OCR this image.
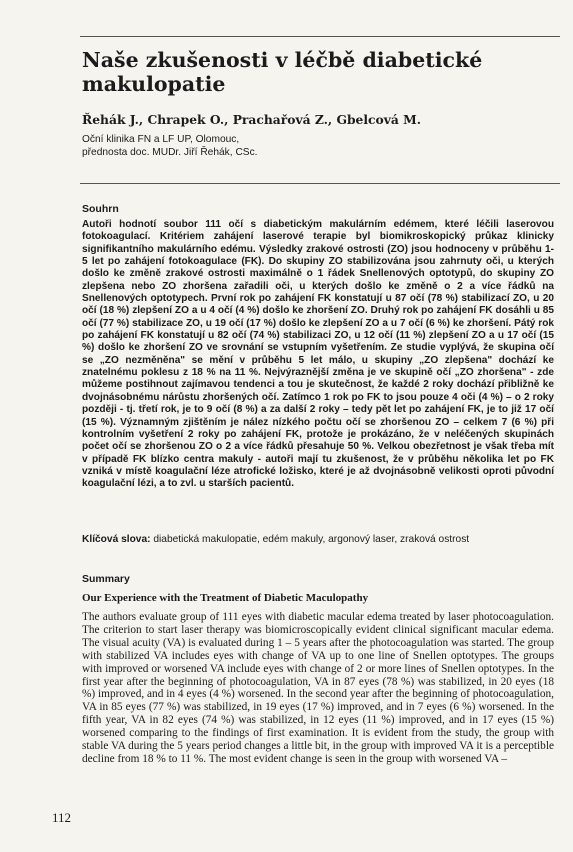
Naše zkušenosti v léčbě diabetické makulopatie

Řehák J., Chrapek O., Prachařová Z., Gbelcová M.

Oční klinika FN a LF UP, Olomouc,
přednosta doc. MUDr. Jiří Řehák, CSc.

Souhrn

Autoři hodnotí soubor 111 očí s diabetickým makulárním edémem, které léčili laserovou fotokoagulací. Kritériem zahájení laserové terapie byl biomikroskopický průkaz klinicky signifikantního makulárního edému. Výsledky zrakové ostrosti (ZO) jsou hodnoceny v průběhu 1-5 let po zahájení fotokoagulace (FK). Do skupiny ZO stabilizována jsou zahrnuty oči, u kterých došlo ke změně zrakové ostrosti maximálně o 1 řádek Snellenových optotypů, do skupiny ZO zlepšena nebo ZO zhoršena zařadili oči, u kterých došlo ke změně o 2 a více řádků na Snellenových optotypech. První rok po zahájení FK konstatují u 87 očí (78 %) stabilizací ZO, u 20 očí (18 %) zlepšení ZO a u 4 očí (4 %) došlo ke zhoršení ZO. Druhý rok po zahájení FK dosáhli u 85 očí (77 %) stabilizace ZO, u 19 očí (17 %) došlo ke zlepšení ZO a u 7 očí (6 %) ke zhoršení. Pátý rok po zahájení FK konstatují u 82 očí (74 %) stabilizaci ZO, u 12 očí (11 %) zlepšení ZO a u 17 očí (15 %) došlo ke zhoršení ZO ve srovnání se vstupním vyšetřením. Ze studie vyplývá, že skupina očí se „ZO nezměněna" se mění v průběhu 5 let málo, u skupiny „ZO zlepšena" dochází ke znatelnému poklesu z 18 % na 11 %. Nejvýraznější změna je ve skupině očí „ZO zhoršena" - zde můžeme postihnout zajímavou tendenci a tou je skutečnost, že každé 2 roky dochází přibližně ke dvojnásobnému nárůstu zhoršených očí. Zatímco 1 rok po FK to jsou pouze 4 oči (4 %) – o 2 roky později - tj. třetí rok, je to 9 očí (8 %) a za další 2 roky – tedy pět let po zahájení FK, je to již 17 očí (15 %). Významným zjištěním je nález nízkého počtu očí se zhoršenou ZO – celkem 7 (6 %) při kontrolním vyšetření 2 roky po zahájení FK, protože je prokázáno, že v neléčených skupinách počet očí se zhoršenou ZO o 2 a více řádků přesahuje 50 %. Velkou obezřetnost je však třeba mít v případě FK blízko centra makuly - autoři mají tu zkušenost, že v průběhu několika let po FK vzniká v místě koagulační léze atrofické ložisko, které je až dvojnásobně velikosti oproti původní koagulační lézi, a to zvl. u starších pacientů.

Klíčová slova: diabetická makulopatie, edém makuly, argonový laser, zraková ostrost

Summary

Our Experience with the Treatment of Diabetic Maculopathy

The authors evaluate group of 111 eyes with diabetic macular edema treated by laser photocoagulation. The criterion to start laser therapy was biomicroscopically evident clinical significant macular edema. The visual acuity (VA) is evaluated during 1 – 5 years after the photocoagulation was started. The group with stabilized VA includes eyes with change of VA up to one line of Snellen optotypes. The groups with improved or worsened VA include eyes with change of 2 or more lines of Snellen optotypes. In the first year after the beginning of photocoagulation, VA in 87 eyes (78 %) was stabilized, in 20 eyes (18 %) improved, and in 4 eyes (4 %) worsened. In the second year after the beginning of photocoagulation, VA in 85 eyes (77 %) was stabilized, in 19 eyes (17 %) improved, and in 7 eyes (6 %) worsened. In the fifth year, VA in 82 eyes (74 %) was stabilized, in 12 eyes (11 %) improved, and in 17 eyes (15 %) worsened comparing to the findings of first examination. It is evident from the study, the group with stable VA during the 5 years period changes a little bit, in the group with improved VA it is a perceptible decline from 18 % to 11 %. The most evident change is seen in the group with worsened VA –

112
